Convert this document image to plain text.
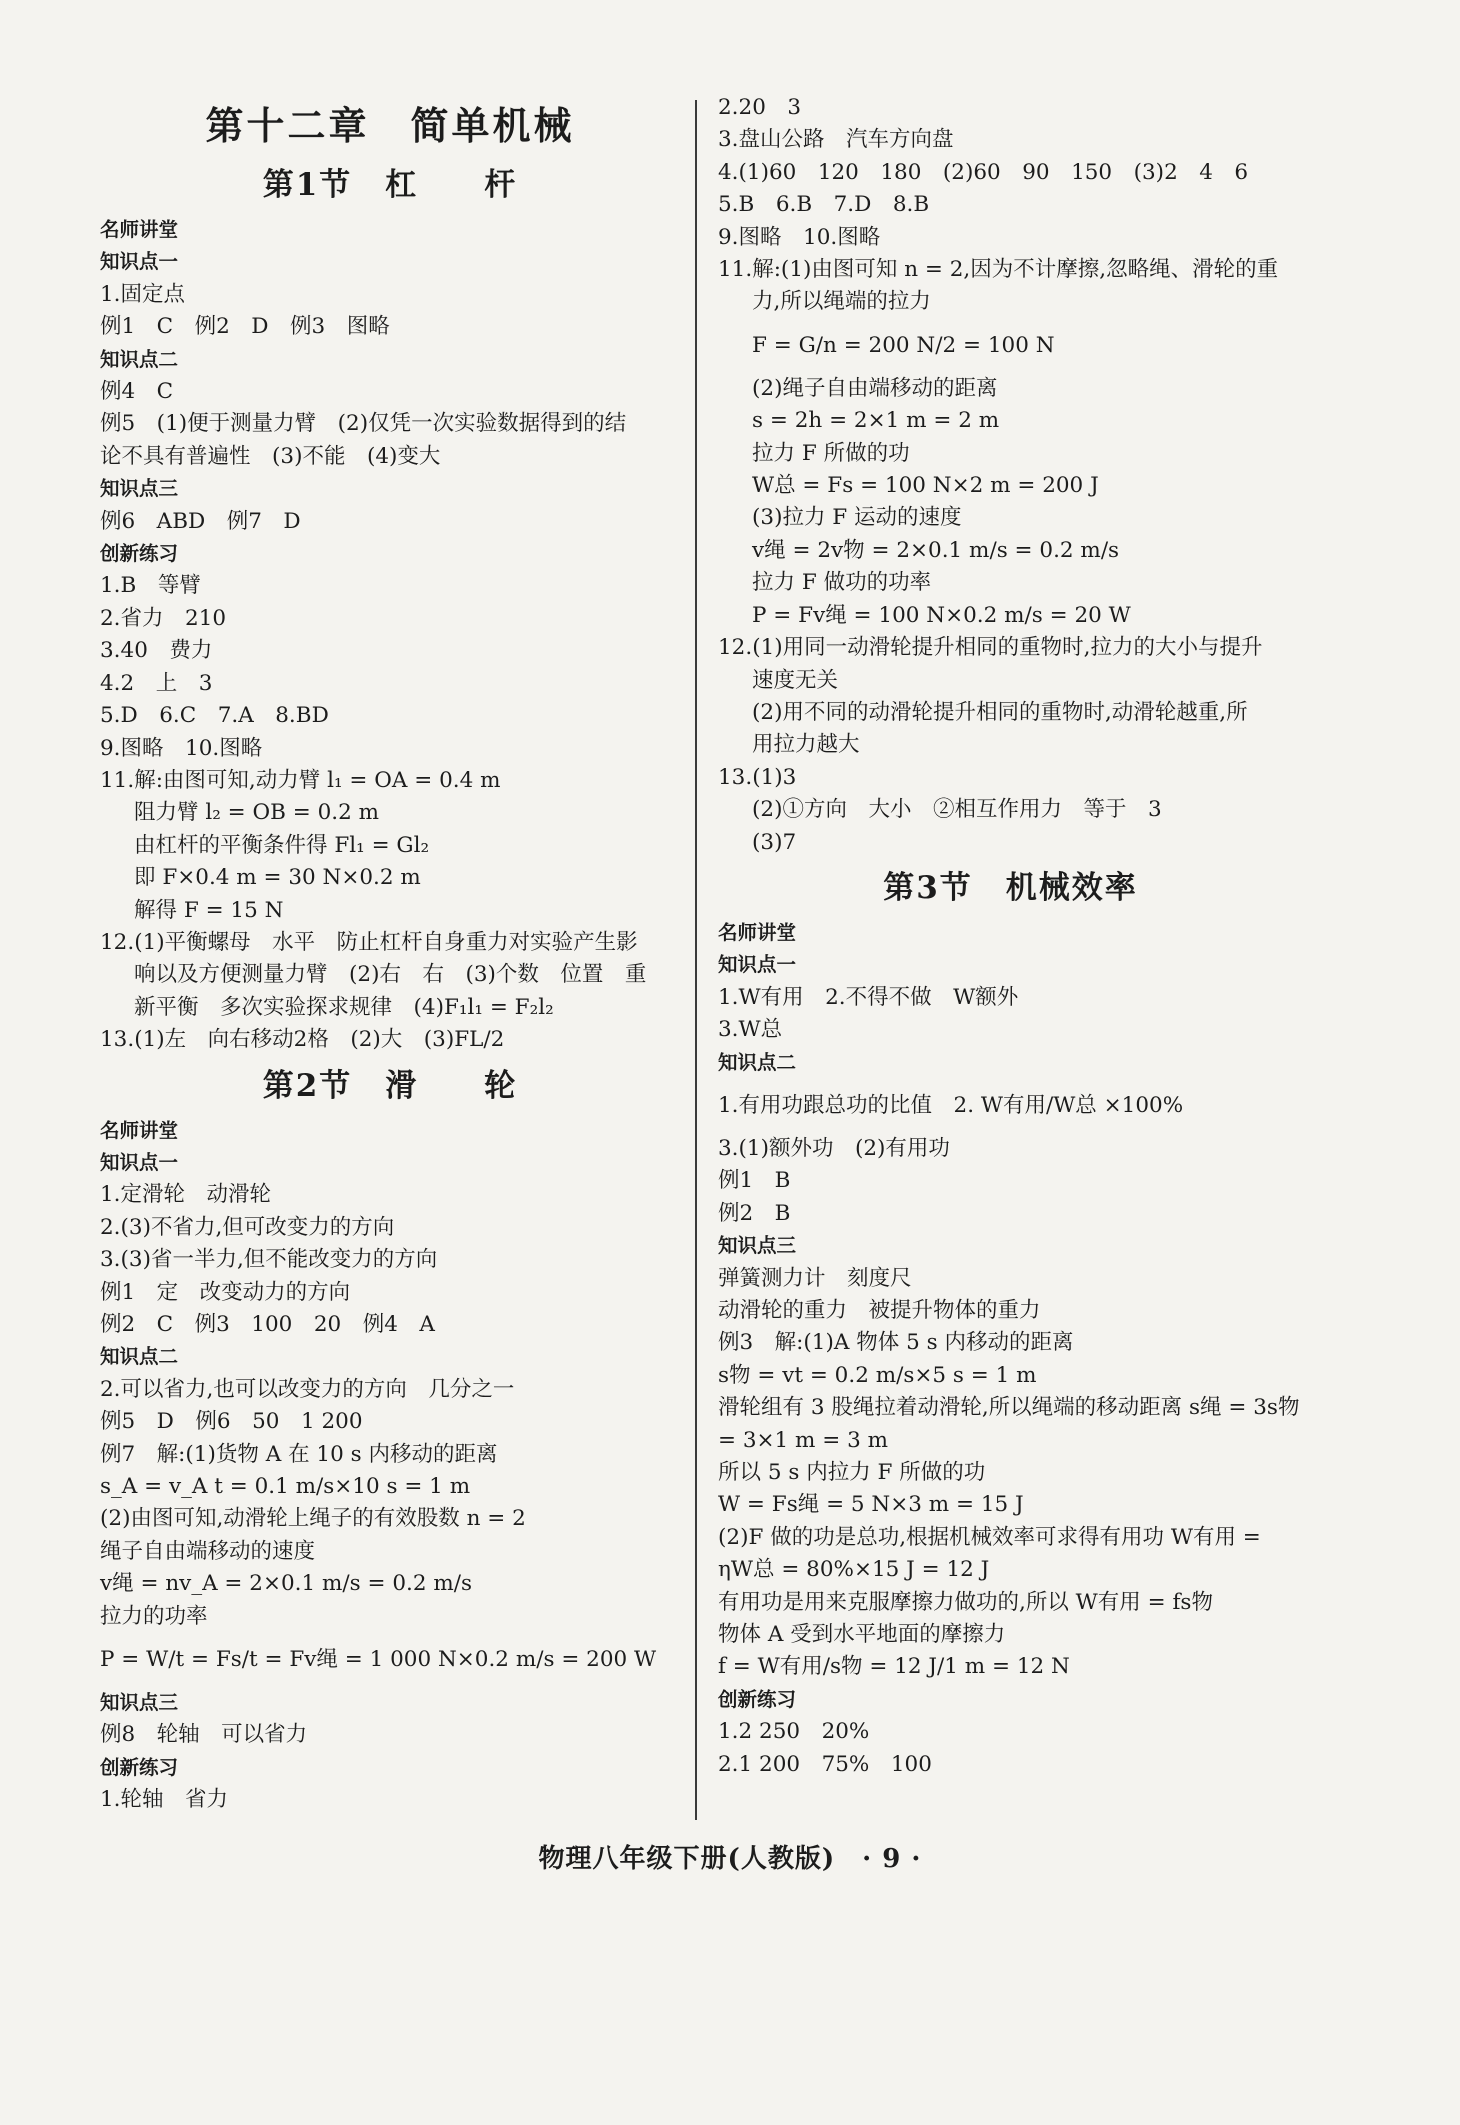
第十二章　简单机械
第1节　杠　　杆
名师讲堂
知识点一
1.固定点
例1　C　例2　D　例3　图略
知识点二
例4　C
例5　(1)便于测量力臂　(2)仅凭一次实验数据得到的结
论不具有普遍性　(3)不能　(4)变大
知识点三
例6　ABD　例7　D
创新练习
1.B　等臂
2.省力　210
3.40　费力
4.2　上　3
5.D　6.C　7.A　8.BD
9.图略　10.图略
11.解:由图可知,动力臂 l₁ = OA = 0.4 m
阻力臂 l₂ = OB = 0.2 m
由杠杆的平衡条件得 Fl₁ = Gl₂
即 F×0.4 m = 30 N×0.2 m
解得 F = 15 N
12.(1)平衡螺母　水平　防止杠杆自身重力对实验产生影
响以及方便测量力臂　(2)右　右　(3)个数　位置　重
新平衡　多次实验探求规律　(4)F₁l₁ = F₂l₂
13.(1)左　向右移动2格　(2)大　(3)FL/2
第2节　滑　　轮
名师讲堂
知识点一
1.定滑轮　动滑轮
2.(3)不省力,但可改变力的方向
3.(3)省一半力,但不能改变力的方向
例1　定　改变动力的方向
例2　C　例3　100　20　例4　A
知识点二
2.可以省力,也可以改变力的方向　几分之一
例5　D　例6　50　1 200
例7　解:(1)货物 A 在 10 s 内移动的距离
s_A = v_A t = 0.1 m/s×10 s = 1 m
(2)由图可知,动滑轮上绳子的有效股数 n = 2
绳子自由端移动的速度
v绳 = nv_A = 2×0.1 m/s = 0.2 m/s
拉力的功率
P = W/t = Fs/t = Fv绳 = 1 000 N×0.2 m/s = 200 W
知识点三
例8　轮轴　可以省力
创新练习
1.轮轴　省力
2.20　3
3.盘山公路　汽车方向盘
4.(1)60　120　180　(2)60　90　150　(3)2　4　6
5.B　6.B　7.D　8.B
9.图略　10.图略
11.解:(1)由图可知 n = 2,因为不计摩擦,忽略绳、滑轮的重
力,所以绳端的拉力
F = G/n = 200 N/2 = 100 N
(2)绳子自由端移动的距离
s = 2h = 2×1 m = 2 m
拉力 F 所做的功
W总 = Fs = 100 N×2 m = 200 J
(3)拉力 F 运动的速度
v绳 = 2v物 = 2×0.1 m/s = 0.2 m/s
拉力 F 做功的功率
P = Fv绳 = 100 N×0.2 m/s = 20 W
12.(1)用同一动滑轮提升相同的重物时,拉力的大小与提升
速度无关
(2)用不同的动滑轮提升相同的重物时,动滑轮越重,所
用拉力越大
13.(1)3
(2)①方向　大小　②相互作用力　等于　3
(3)7
第3节　机械效率
名师讲堂
知识点一
1.W有用　2.不得不做　W额外
3.W总
知识点二
1.有用功跟总功的比值　2. W有用/W总 ×100%
3.(1)额外功　(2)有用功
例1　B
例2　B
知识点三
弹簧测力计　刻度尺
动滑轮的重力　被提升物体的重力
例3　解:(1)A 物体 5 s 内移动的距离
s物 = vt = 0.2 m/s×5 s = 1 m
滑轮组有 3 股绳拉着动滑轮,所以绳端的移动距离 s绳 = 3s物
= 3×1 m = 3 m
所以 5 s 内拉力 F 所做的功
W = Fs绳 = 5 N×3 m = 15 J
(2)F 做的功是总功,根据机械效率可求得有用功 W有用 =
ηW总 = 80%×15 J = 12 J
有用功是用来克服摩擦力做功的,所以 W有用 = fs物
物体 A 受到水平地面的摩擦力
f = W有用/s物 = 12 J/1 m = 12 N
创新练习
1.2 250　20%
2.1 200　75%　100
物理八年级下册(人教版)　· 9 ·
